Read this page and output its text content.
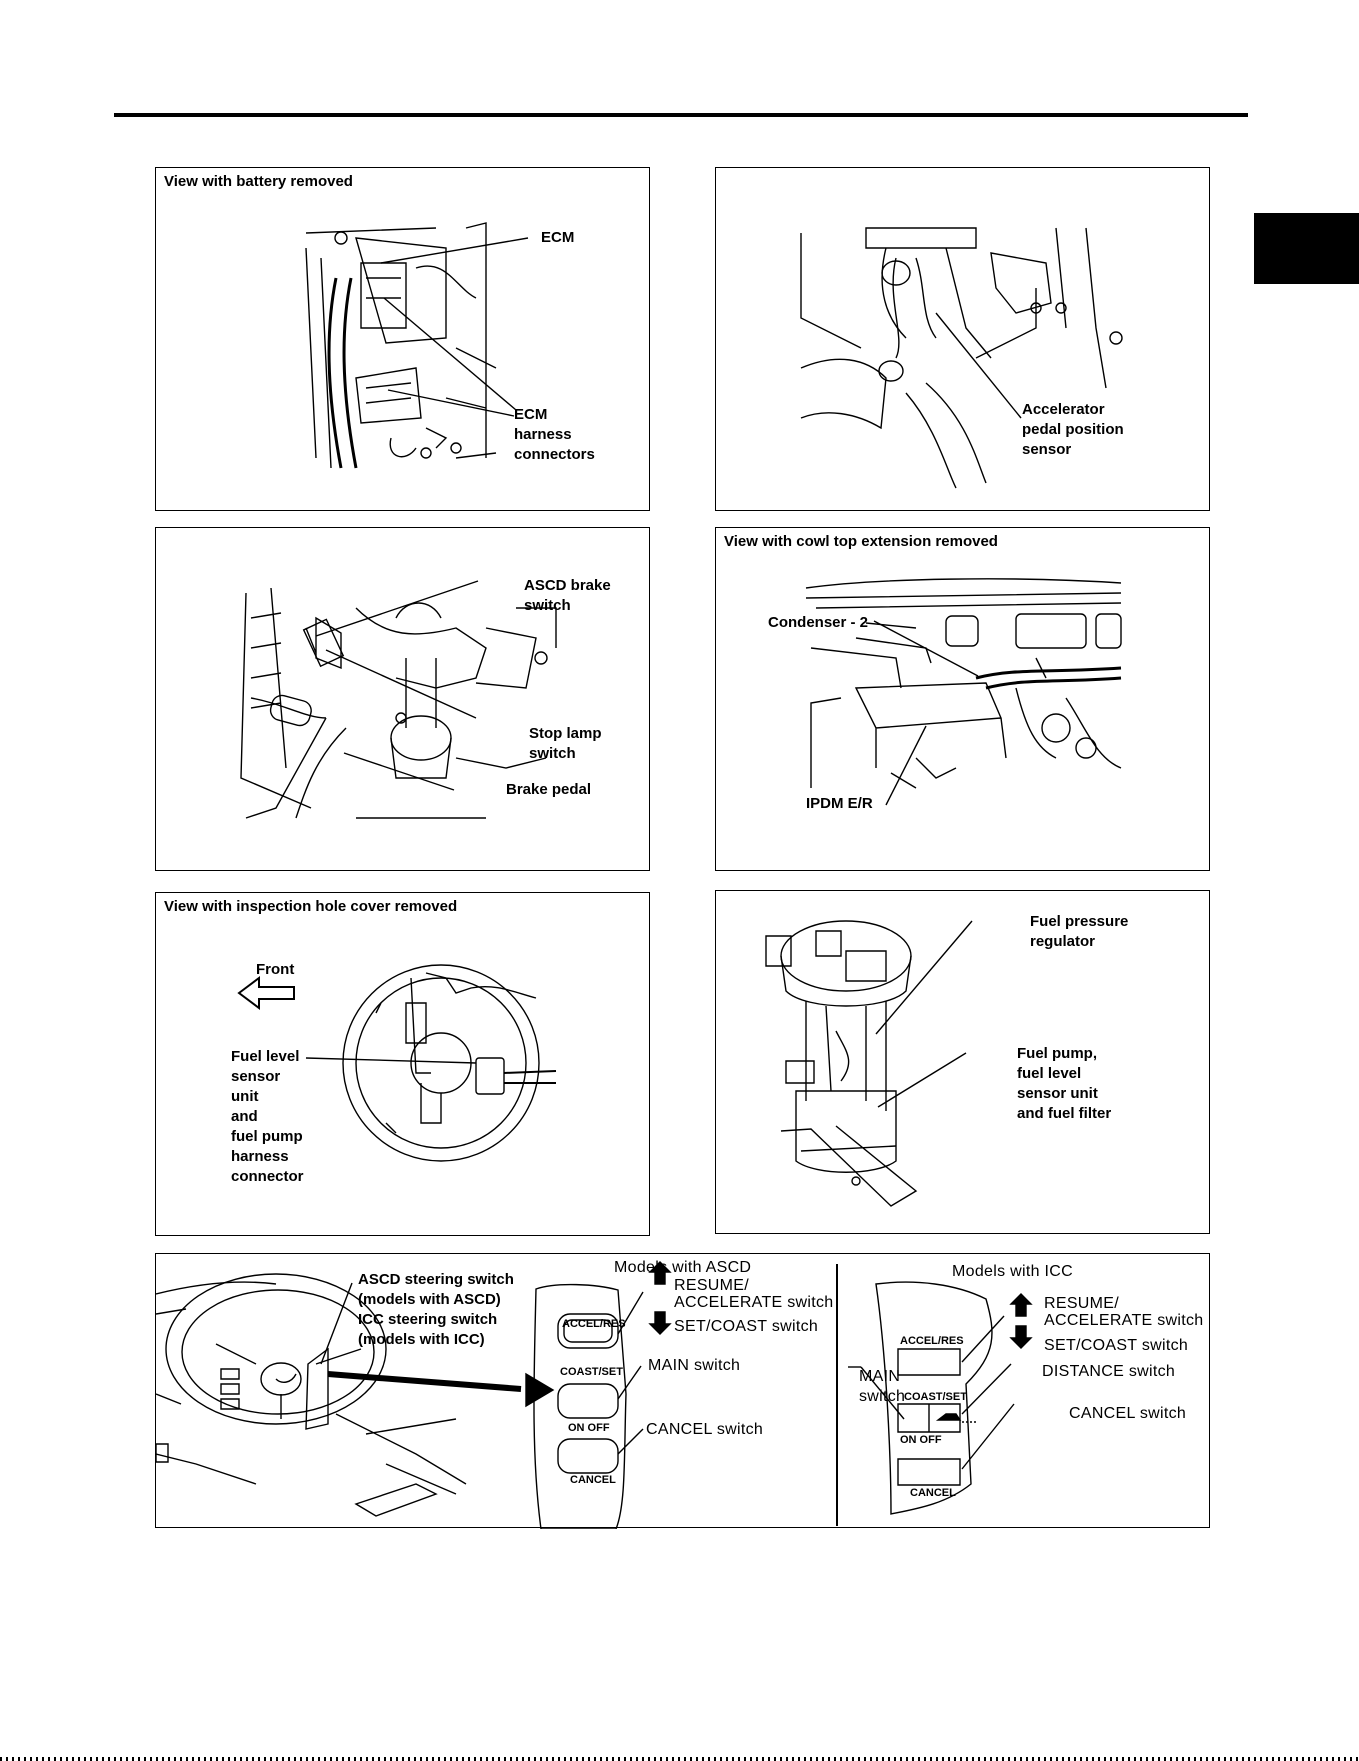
View with battery removed
ECM
ECM
harness
connectors
Accelerator
pedal position
sensor
ASCD brake
switch
Stop lamp
switch
Brake pedal
View with cowl top extension removed
Condenser - 2
IPDM E/R
View with inspection hole cover removed
Front
Fuel level
sensor
unit
and
fuel pump
harness
connector
Fuel pressure
regulator
Fuel pump,
fuel level
sensor unit
and fuel filter
ASCD steering switch
(models with ASCD)
ICC steering switch
(models with ICC)
Models with ASCD
RESUME/
ACCELERATE switch
SET/COAST switch
MAIN switch
CANCEL switch
ACCEL/RES
COAST/SET
ON OFF
CANCEL
Models with ICC
RESUME/
ACCELERATE switch
SET/COAST switch
DISTANCE switch
MAIN
switch
CANCEL switch
ACCEL/RES
COAST/SET
ON OFF
CANCEL
